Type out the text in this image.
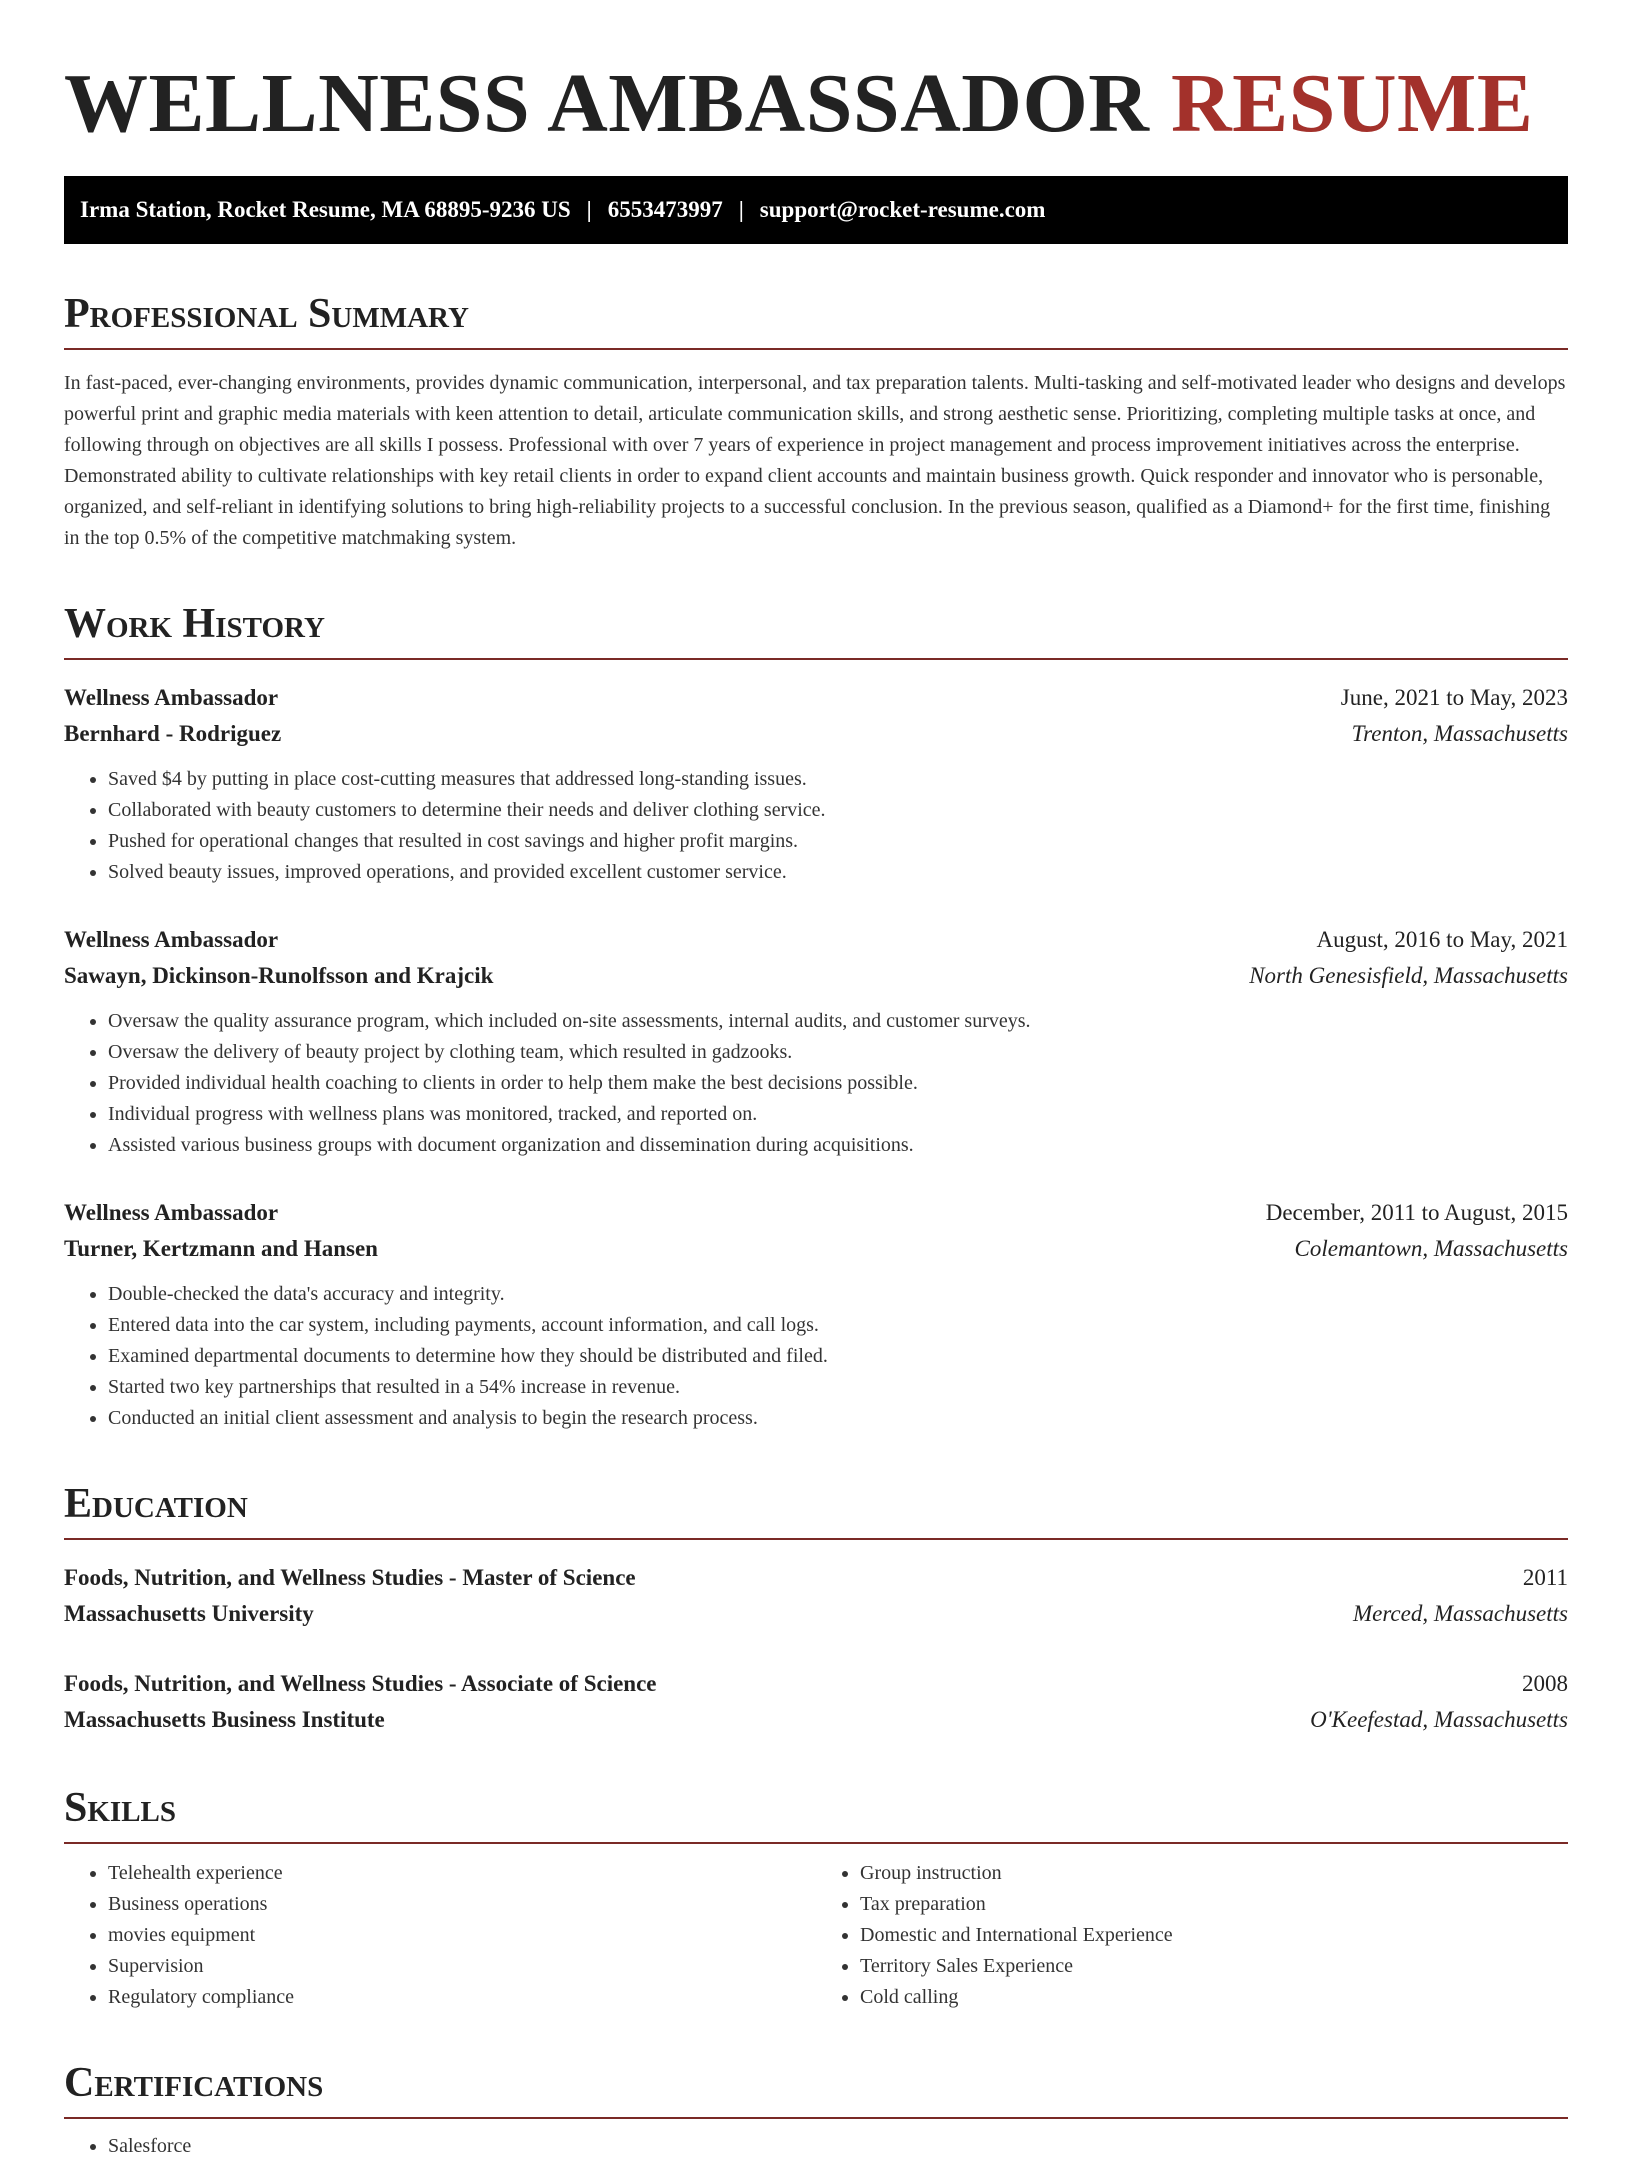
WELLNESS AMBASSADOR RESUME
Irma Station, Rocket Resume, MA 68895-9236 US | 6553473997 | support@rocket-resume.com
Professional Summary

In fast-paced, ever-changing environments, provides dynamic communication, interpersonal, and tax preparation talents. Multi-tasking and self-motivated leader who designs and develops powerful print and graphic media materials with keen attention to detail, articulate communication skills, and strong aesthetic sense. Prioritizing, completing multiple tasks at once, and following through on objectives are all skills I possess. Professional with over 7 years of experience in project management and process improvement initiatives across the enterprise. Demonstrated ability to cultivate relationships with key retail clients in order to expand client accounts and maintain business growth. Quick responder and innovator who is personable, organized, and self-reliant in identifying solutions to bring high-reliability projects to a successful conclusion. In the previous season, qualified as a Diamond+ for the first time, finishing in the top 0.5% of the competitive matchmaking system.

Work History
Wellness Ambassador	June, 2021 to May, 2023
Bernhard - Rodriguez	Trenton, Massachusetts
• Saved $4 by putting in place cost-cutting measures that addressed long-standing issues.
• Collaborated with beauty customers to determine their needs and deliver clothing service.
• Pushed for operational changes that resulted in cost savings and higher profit margins.
• Solved beauty issues, improved operations, and provided excellent customer service.
Wellness Ambassador	August, 2016 to May, 2021
Sawayn, Dickinson-Runolfsson and Krajcik	North Genesisfield, Massachusetts
• Oversaw the quality assurance program, which included on-site assessments, internal audits, and customer surveys.
• Oversaw the delivery of beauty project by clothing team, which resulted in gadzooks.
• Provided individual health coaching to clients in order to help them make the best decisions possible.
• Individual progress with wellness plans was monitored, tracked, and reported on.
• Assisted various business groups with document organization and dissemination during acquisitions.
Wellness Ambassador	December, 2011 to August, 2015
Turner, Kertzmann and Hansen	Colemantown, Massachusetts
• Double-checked the data's accuracy and integrity.
• Entered data into the car system, including payments, account information, and call logs.
• Examined departmental documents to determine how they should be distributed and filed.
• Started two key partnerships that resulted in a 54% increase in revenue.
• Conducted an initial client assessment and analysis to begin the research process.
Education
Foods, Nutrition, and Wellness Studies - Master of Science	2011
Massachusetts University	Merced, Massachusetts
Foods, Nutrition, and Wellness Studies - Associate of Science	2008
Massachusetts Business Institute	O'Keefestad, Massachusetts
Skills
• Telehealth experience
• Business operations
• movies equipment
• Supervision
• Regulatory compliance
• Group instruction
• Tax preparation
• Domestic and International Experience
• Territory Sales Experience
• Cold calling
Certifications
• Salesforce
